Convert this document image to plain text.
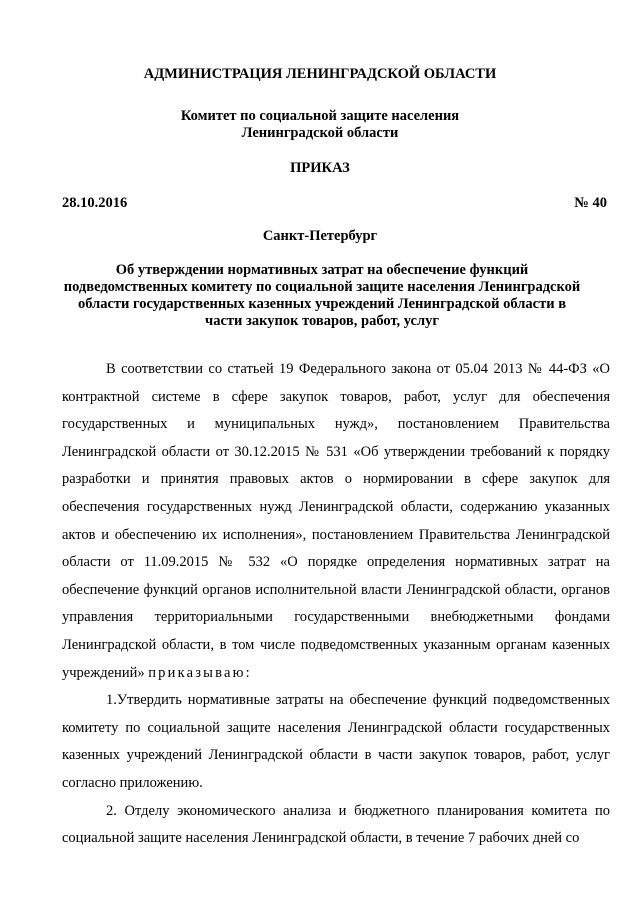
АДМИНИСТРАЦИЯ ЛЕНИНГРАДСКОЙ ОБЛАСТИ
Комитет по социальной защите населения
Ленинградской области
ПРИКАЗ
28.10.2016	№ 40
Санкт-Петербург
Об утверждении нормативных затрат на обеспечение функций
подведомственных комитету по социальной защите населения Ленинградской
области государственных казенных учреждений Ленинградской области в
части закупок товаров, работ, услуг

В соответствии со статьей 19 Федерального закона от 05.04 2013 № 44-ФЗ «О контрактной системе в сфере закупок товаров, работ, услуг для обеспечения государственных и муниципальных нужд», постановлением Правительства Ленинградской области от 30.12.2015 № 531 «Об утверждении требований к порядку разработки и принятия правовых актов о нормировании в сфере закупок для обеспечения государственных нужд Ленинградской области, содержанию указанных актов и обеспечению их исполнения», постановлением Правительства Ленинградской области от 11.09.2015 № 532 «О порядке определения нормативных затрат на обеспечение функций органов исполнительной власти Ленинградской области, органов управления территориальными государственными внебюджетными фондами Ленинградской области, в том числе подведомственных указанным органам казенных учреждений» приказываю:

1.Утвердить нормативные затраты на обеспечение функций подведомственных комитету по социальной защите населения Ленинградской области государственных казенных учреждений Ленинградской области в части закупок товаров, работ, услуг согласно приложению.

2. Отделу экономического анализа и бюджетного планирования комитета по социальной защите населения Ленинградской области, в течение 7 рабочих дней со
